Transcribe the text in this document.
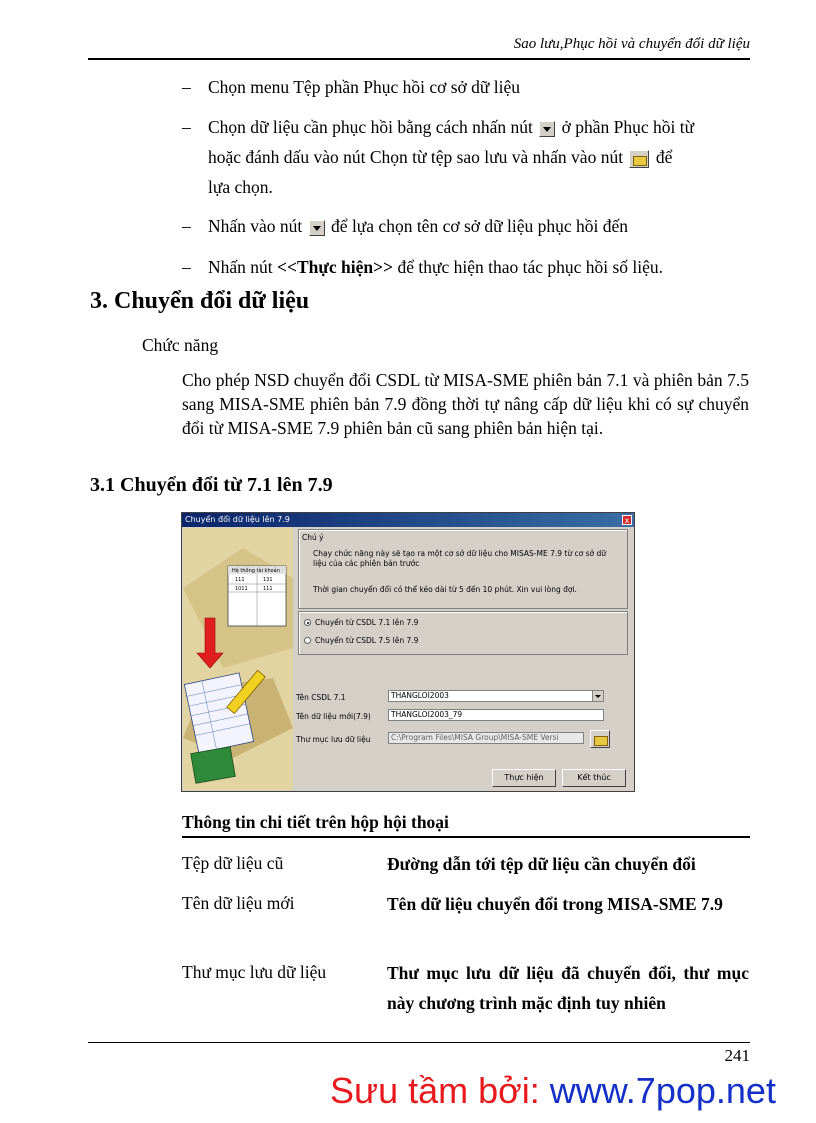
Sao lưu,Phục hồi và chuyển đổi dữ liệu
– Chọn menu Tệp phần Phục hồi cơ sở dữ liệu
– Chọn dữ liệu cần phục hồi bằng cách nhấn nút ở phần Phục hồi từ
hoặc đánh dấu vào nút Chọn từ tệp sao lưu và nhấn vào nút để
lựa chọn.
– Nhấn vào nút để lựa chọn tên cơ sở dữ liệu phục hồi đến
– Nhấn nút <<Thực hiện>> để thực hiện thao tác phục hồi số liệu.
3. Chuyển đổi dữ liệu
Chức năng
Cho phép NSD chuyển đổi CSDL từ MISA-SME phiên bản 7.1 và phiên bản 7.5 sang MISA-SME phiên bản 7.9 đồng thời tự nâng cấp dữ liệu khi có sự chuyển đổi từ MISA-SME 7.9 phiên bản cũ sang phiên bản hiện tại.
3.1 Chuyển đổi từ 7.1 lên 7.9
Chuyển đổi dữ liệu lên 7.9	x
Hệ thống tài khoản
111	131
1011	111
Chú ý
Chạy chức năng này sẽ tạo ra một cơ sở dữ liệu cho MISAS-ME 7.9 từ cơ sở dữ liệu của các phiên bản trước
Thời gian chuyển đổi có thể kéo dài từ 5 đến 10 phút. Xin vui lòng đợi.
Chuyển từ CSDL 7.1 lên 7.9
Chuyển từ CSDL 7.5 lên 7.9
Tên CSDL 7.1	THANGLOI2003
Tên dữ liệu mới(7.9)	THANGLOI2003_79
Thư mục lưu dữ liệu	C:\Program Files\MISA Group\MISA-SME Versi
Thực hiện	Kết thúc
Thông tin chi tiết trên hộp hội thoại
Tệp dữ liệu cũ	Đường dẫn tới tệp dữ liệu cần chuyển đổi
Tên dữ liệu mới	Tên dữ liệu chuyển đổi trong MISA-SME 7.9
Thư mục lưu dữ liệu	Thư mục lưu dữ liệu đã chuyển đổi, thư mục này chương trình mặc định tuy nhiên
241
Sưu tầm bởi: www.7pop.net
